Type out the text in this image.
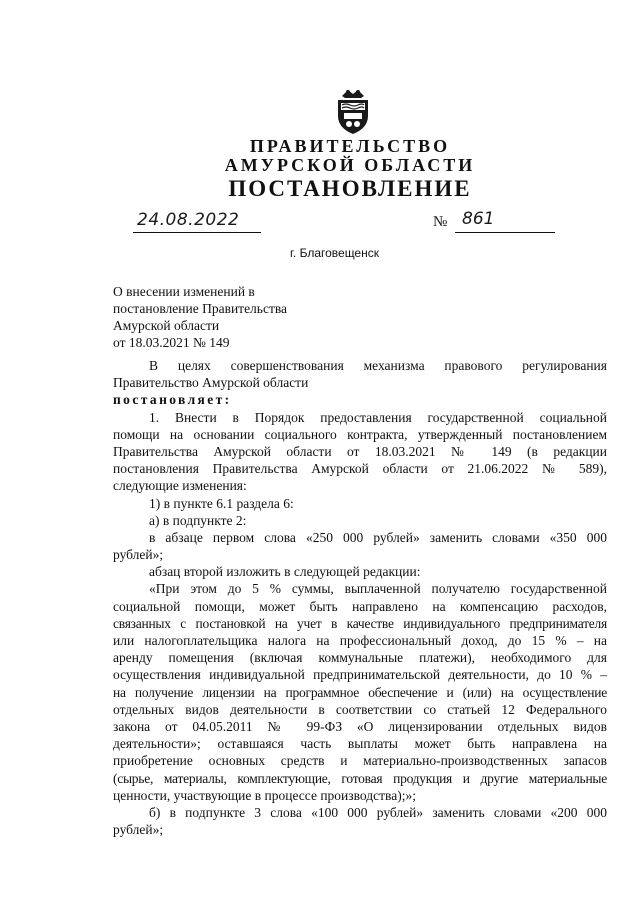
ПРАВИТЕЛЬСТВО
АМУРСКОЙ ОБЛАСТИ
ПОСТАНОВЛЕНИЕ
24.08.2022	№ 861
г. Благовещенск
О внесении изменений в
постановление Правительства
Амурской области
от 18.03.2021 № 149
В целях совершенствования механизма правового регулирования
Правительство Амурской области
постановляет:
1. Внести в Порядок предоставления государственной социальной
помощи на основании социального контракта, утвержденный постановлением
Правительства Амурской области от 18.03.2021 № 149 (в редакции
постановления Правительства Амурской области от 21.06.2022 № 589),
следующие изменения:
1) в пункте 6.1 раздела 6:
а) в подпункте 2:
в абзаце первом слова «250 000 рублей» заменить словами «350 000
рублей»;
абзац второй изложить в следующей редакции:
«При этом до 5 % суммы, выплаченной получателю государственной
социальной помощи, может быть направлено на компенсацию расходов,
связанных с постановкой на учет в качестве индивидуального предпринимателя
или налогоплательщика налога на профессиональный доход, до 15 % – на
аренду помещения (включая коммунальные платежи), необходимого для
осуществления индивидуальной предпринимательской деятельности, до 10 % –
на получение лицензии на программное обеспечение и (или) на осуществление
отдельных видов деятельности в соответствии со статьей 12 Федерального
закона от 04.05.2011 № 99-ФЗ «О лицензировании отдельных видов
деятельности»; оставшаяся часть выплаты может быть направлена на
приобретение основных средств и материально-производственных запасов
(сырье, материалы, комплектующие, готовая продукция и другие материальные
ценности, участвующие в процессе производства);»;
б) в подпункте 3 слова «100 000 рублей» заменить словами «200 000
рублей»;
